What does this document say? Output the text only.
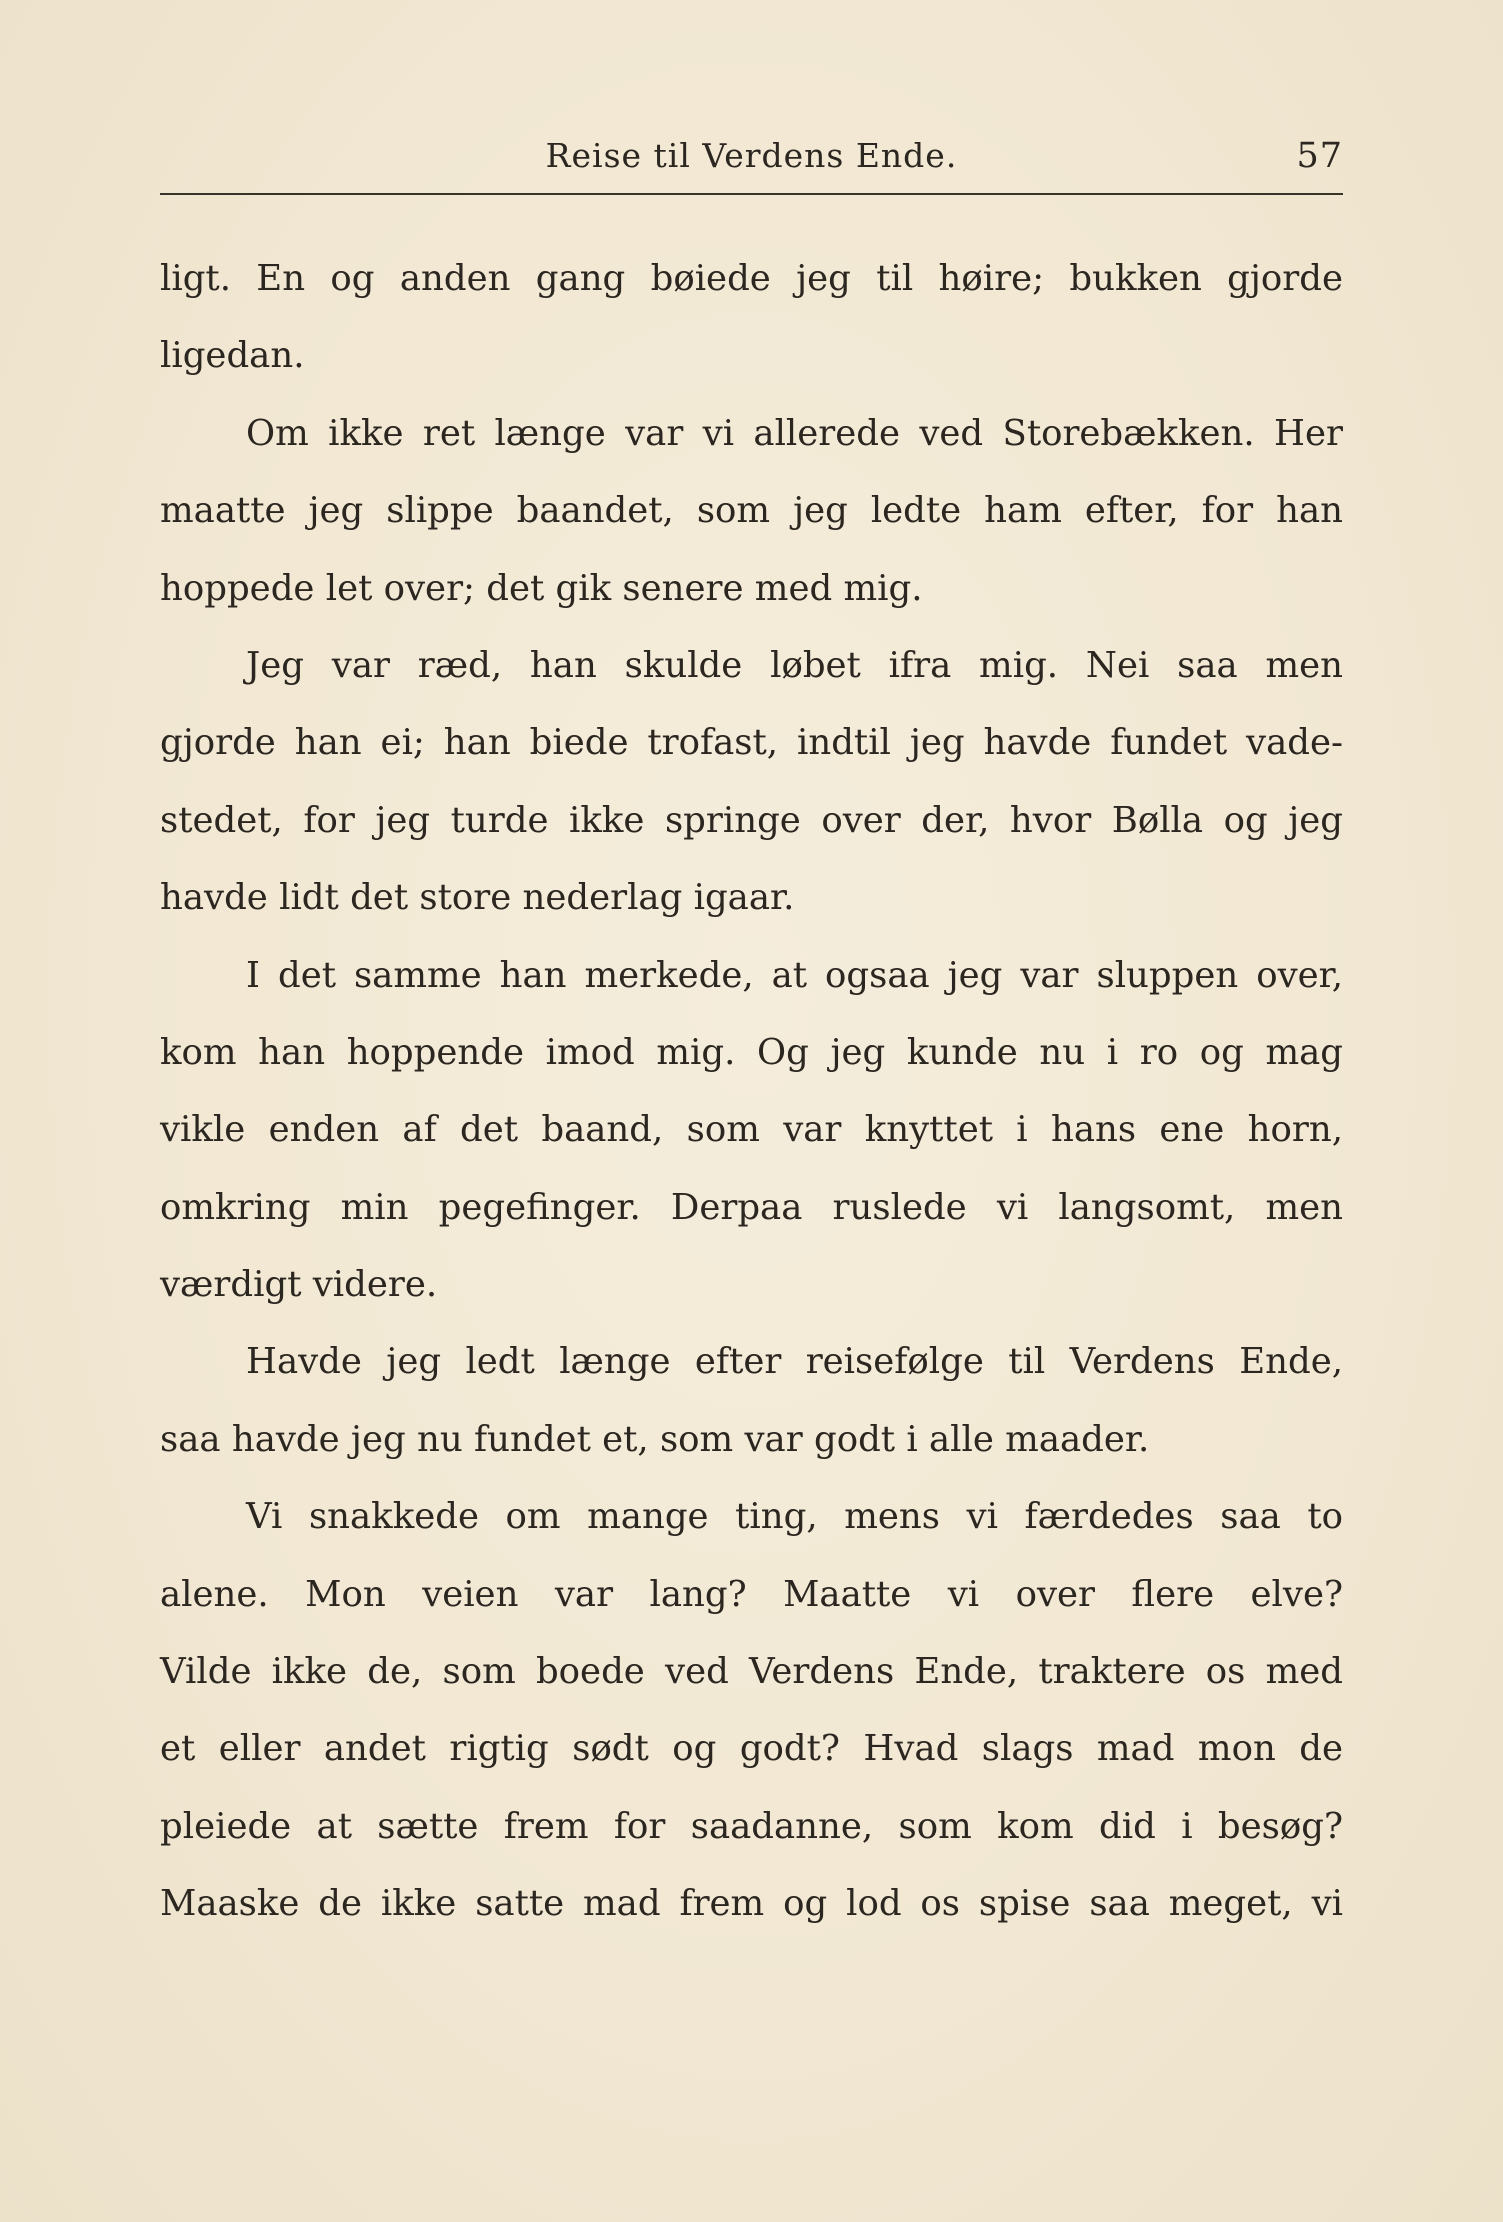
Reise til Verdens Ende.	57
ligt. En og anden gang bøiede jeg til høire; bukken gjorde
ligedan.
Om ikke ret længe var vi allerede ved Storebækken. Her
maatte jeg slippe baandet, som jeg ledte ham efter, for han
hoppede let over; det gik senere med mig.
Jeg var ræd, han skulde løbet ifra mig. Nei saa men
gjorde han ei; han biede trofast, indtil jeg havde fundet vade-
stedet, for jeg turde ikke springe over der, hvor Bølla og jeg
havde lidt det store nederlag igaar.
I det samme han merkede, at ogsaa jeg var sluppen over,
kom han hoppende imod mig. Og jeg kunde nu i ro og mag
vikle enden af det baand, som var knyttet i hans ene horn,
omkring min pegefinger. Derpaa ruslede vi langsomt, men
værdigt videre.
Havde jeg ledt længe efter reisefølge til Verdens Ende,
saa havde jeg nu fundet et, som var godt i alle maader.
Vi snakkede om mange ting, mens vi færdedes saa to
alene. Mon veien var lang? Maatte vi over flere elve?
Vilde ikke de, som boede ved Verdens Ende, traktere os med
et eller andet rigtig sødt og godt? Hvad slags mad mon de
pleiede at sætte frem for saadanne, som kom did i besøg?
Maaske de ikke satte mad frem og lod os spise saa meget, vi
